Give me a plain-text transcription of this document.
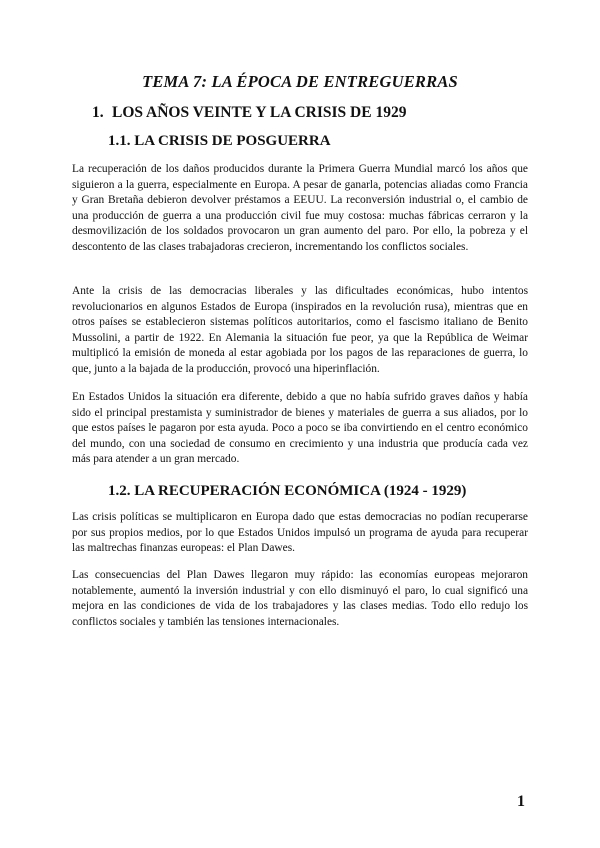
TEMA 7: LA ÉPOCA DE ENTREGUERRAS
1. LOS AÑOS VEINTE Y LA CRISIS DE 1929
1.1. LA CRISIS DE POSGUERRA

La recuperación de los daños producidos durante la Primera Guerra Mundial marcó los años que siguieron a la guerra, especialmente en Europa. A pesar de ganarla, potencias aliadas como Francia y Gran Bretaña debieron devolver préstamos a EEUU. La reconversión industrial o, el cambio de una producción de guerra a una producción civil fue muy costosa: muchas fábricas cerraron y la desmovilización de los soldados provocaron un gran aumento del paro. Por ello, la pobreza y el descontento de las clases trabajadoras crecieron, incrementando los conflictos sociales.

Ante la crisis de las democracias liberales y las dificultades económicas, hubo intentos revolucionarios en algunos Estados de Europa (inspirados en la revolución rusa), mientras que en otros países se establecieron sistemas políticos autoritarios, como el fascismo italiano de Benito Mussolini, a partir de 1922. En Alemania la situación fue peor, ya que la República de Weimar multiplicó la emisión de moneda al estar agobiada por los pagos de las reparaciones de guerra, lo que, junto a la bajada de la producción, provocó una hiperinflación.

En Estados Unidos la situación era diferente, debido a que no había sufrido graves daños y había sido el principal prestamista y suministrador de bienes y materiales de guerra a sus aliados, por lo que estos países le pagaron por esta ayuda. Poco a poco se iba convirtiendo en el centro económico del mundo, con una sociedad de consumo en crecimiento y una industria que producía cada vez más para atender a un gran mercado.

1.2. LA RECUPERACIÓN ECONÓMICA (1924 - 1929)

Las crisis políticas se multiplicaron en Europa dado que estas democracias no podían recuperarse por sus propios medios, por lo que Estados Unidos impulsó un programa de ayuda para recuperar las maltrechas finanzas europeas: el Plan Dawes.

Las consecuencias del Plan Dawes llegaron muy rápido: las economías europeas mejoraron notablemente, aumentó la inversión industrial y con ello disminuyó el paro, lo cual significó una mejora en las condiciones de vida de los trabajadores y las clases medias. Todo ello redujo los conflictos sociales y también las tensiones internacionales.

1
